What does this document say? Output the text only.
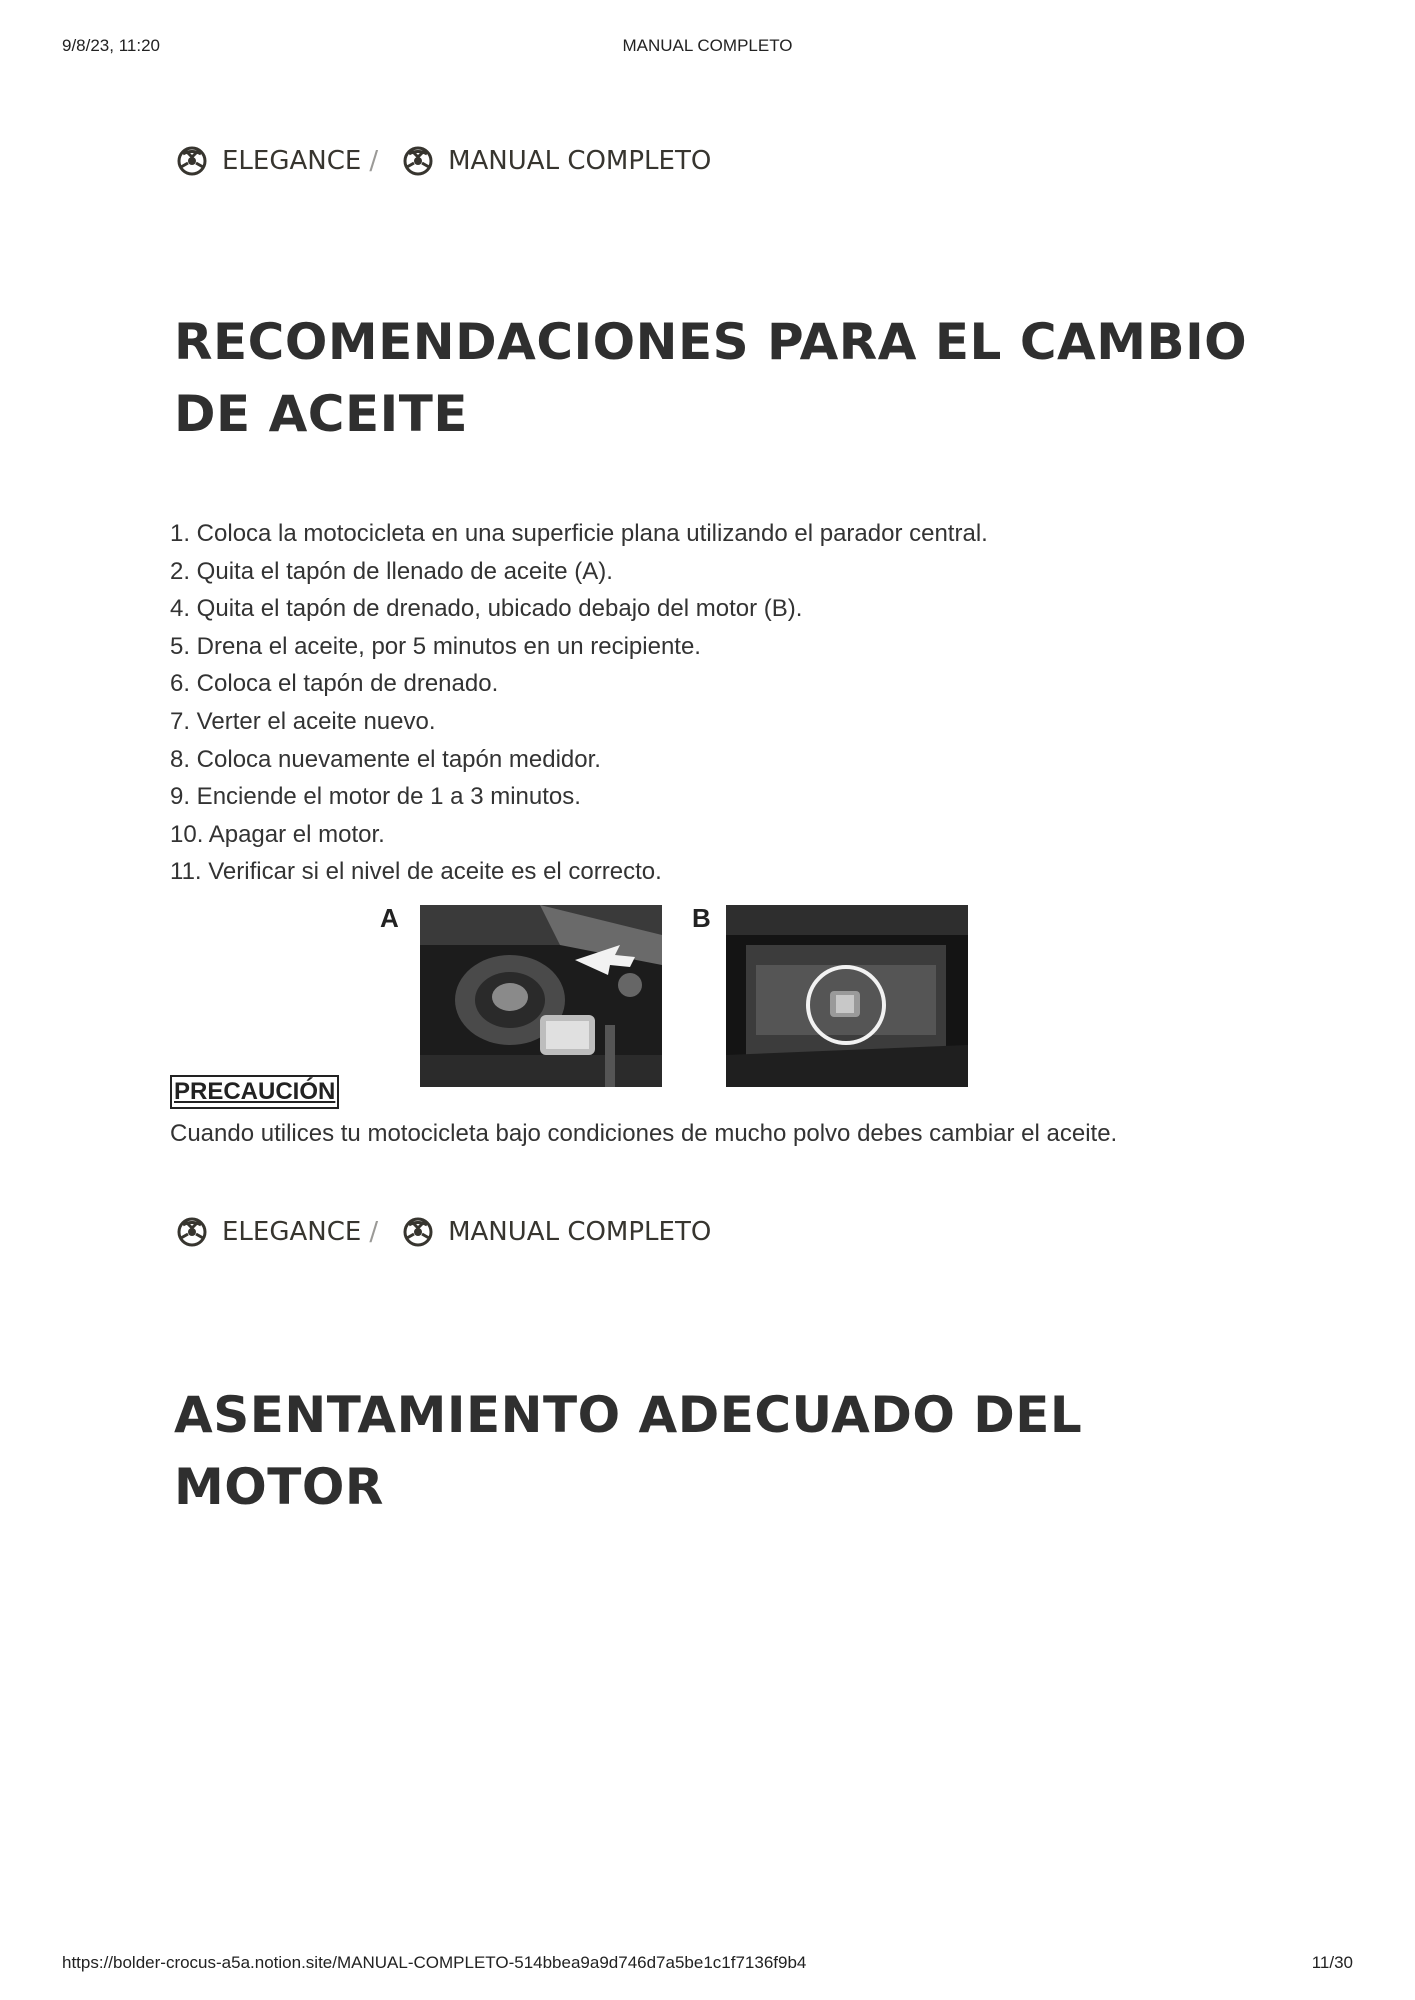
9/8/23, 11:20	MANUAL COMPLETO
ELEGANCE /	MANUAL COMPLETO
RECOMENDACIONES PARA EL CAMBIO DE ACEITE
1. Coloca la motocicleta en una superficie plana utilizando el parador central.
2. Quita el tapón de llenado de aceite (A).
4. Quita el tapón de drenado, ubicado debajo del motor (B).
5. Drena el aceite, por 5 minutos en un recipiente.
6. Coloca el tapón de drenado.
7. Verter el aceite nuevo.
8. Coloca nuevamente el tapón medidor.
9. Enciende el motor de 1 a 3 minutos.
10. Apagar el motor.
11. Verificar si el nivel de aceite es el correcto.
A	B
PRECAUCIÓN
Cuando utilices tu motocicleta bajo condiciones de mucho polvo debes cambiar el aceite.
ELEGANCE /	MANUAL COMPLETO
ASENTAMIENTO ADECUADO DEL MOTOR
https://bolder-crocus-a5a.notion.site/MANUAL-COMPLETO-514bbea9a9d746d7a5be1c1f7136f9b4	11/30
